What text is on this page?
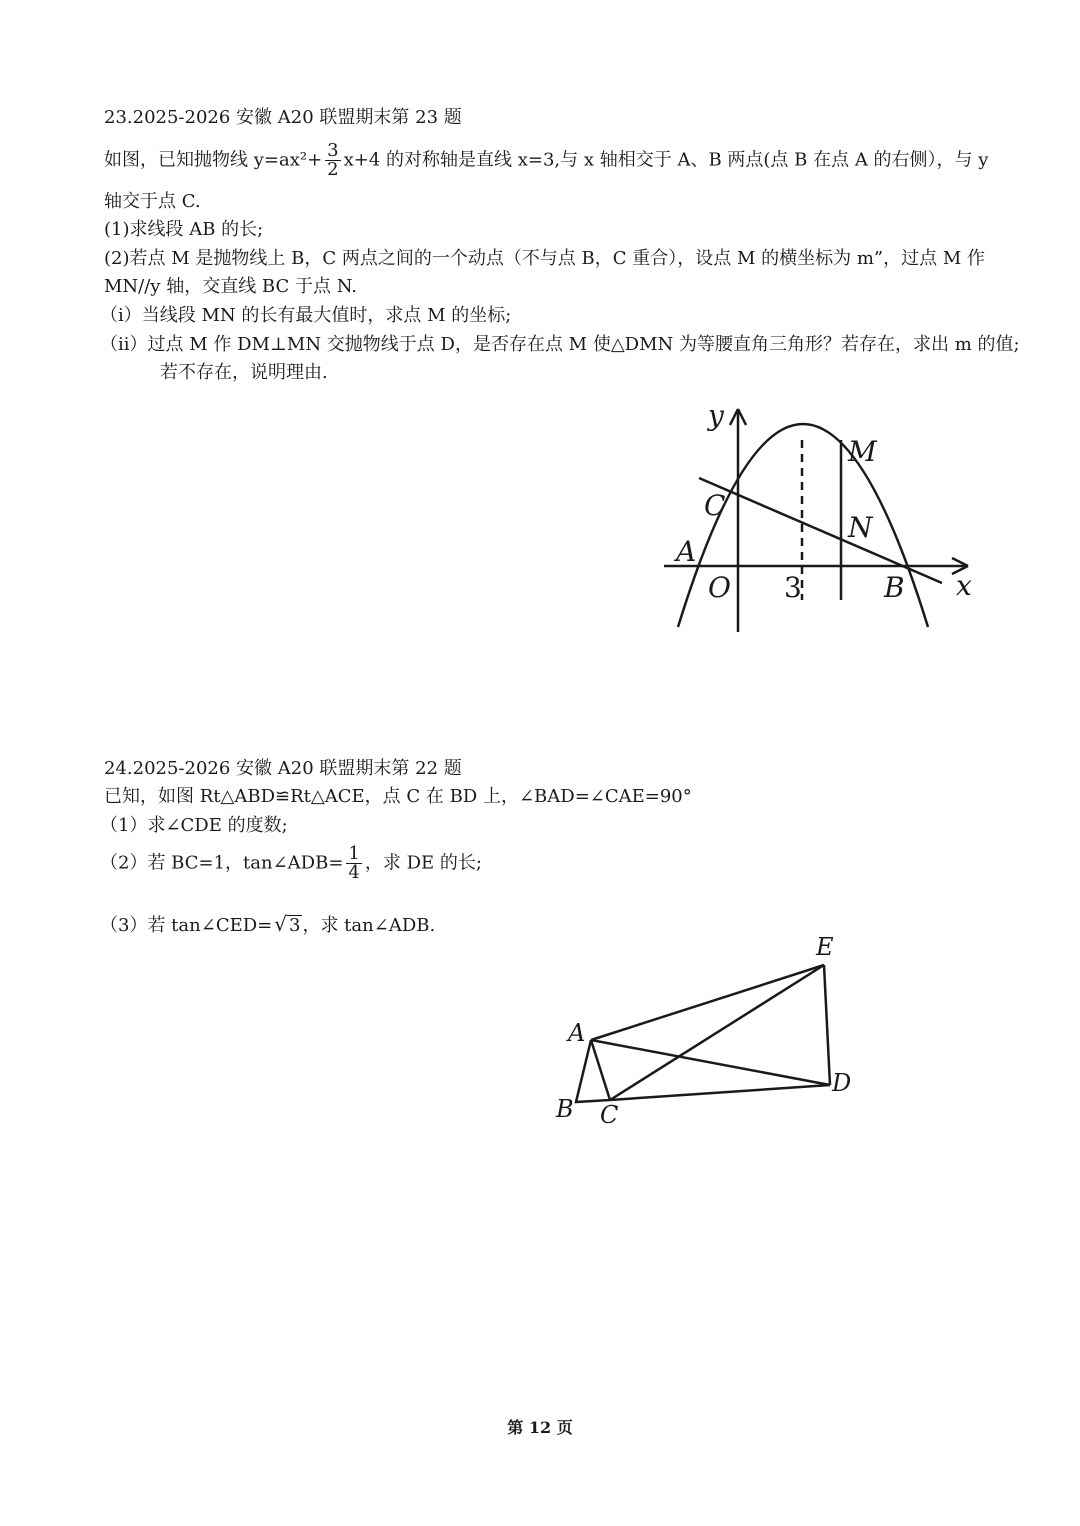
23.2025-2026 安徽 A20 联盟期末第 23 题
如图，已知抛物线 $y=ax^2+ \frac{3}{2} x+4$ 的对称轴是直线 x=3,与 x 轴相交于 A、B 两点(点 B 在点 A 的右侧），与 y
轴交于点 C.
(1)求线段 AB 的长;
(2)若点 M 是抛物线上 B，C 两点之间的一个动点（不与点 B，C 重合），设点 M 的横坐标为 m”，过点 M 作
MN//y 轴，交直线 BC 于点 N.
（i）当线段 MN 的长有最大值时，求点 M 的坐标;
（ii）过点 M 作 DM⊥MN 交抛物线于点 D，是否存在点 M 使△DMN 为等腰直角三角形？若存在，求出 m 的值;
若不存在，说明理由.
y
x
O 3
A
B
C
M
N
24.2025-2026 安徽 A20 联盟期末第 22 题
已知，如图 Rt△ABD≌Rt△ACE，点 C 在 BD 上，∠BAD=∠CAE=90°
（1）求∠CDE 的度数;
（2）若 BC=1，tan∠ADB= $\frac{1}{4}$ ，求 DE 的长;
（3）若 tan∠CED= √ 3 ，求 tan∠ADB.
A
B C
D
E
第 12 页
